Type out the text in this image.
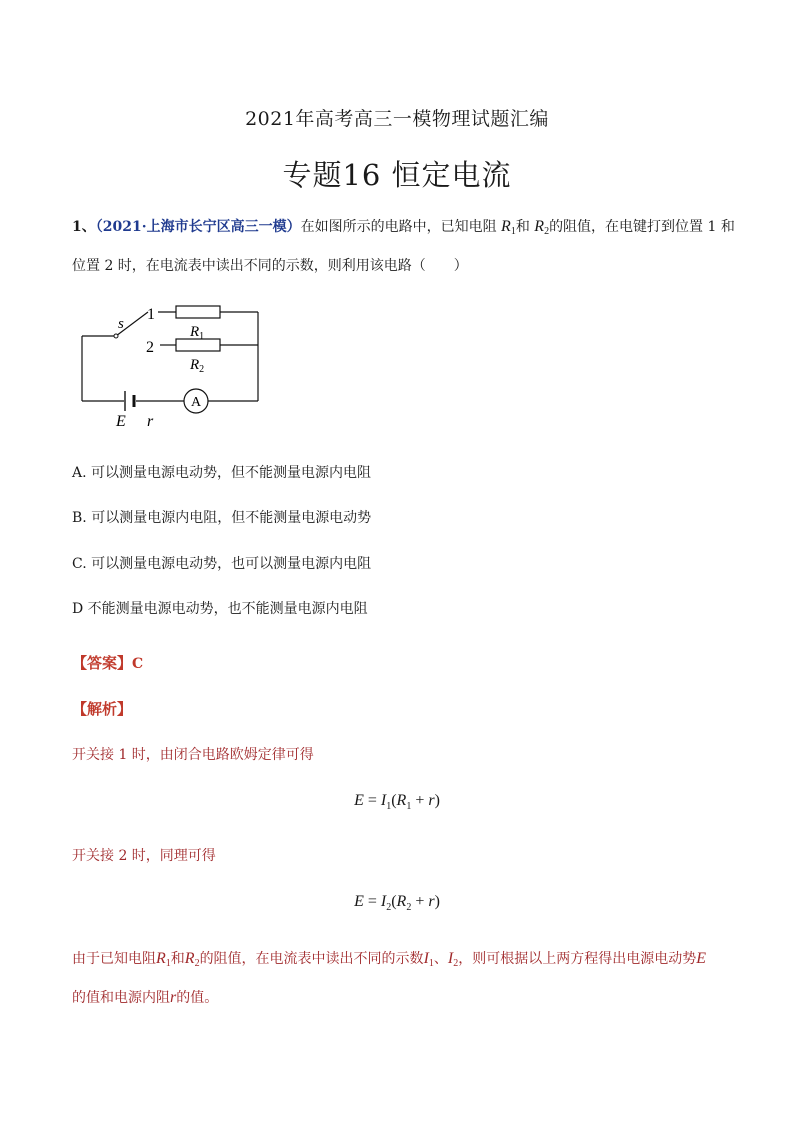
2021年高考高三一模物理试题汇编
专题16 恒定电流
1、（2021·上海市长宁区高三一模）在如图所示的电路中，已知电阻 $R_1$和 $R_2$的阻值，在电键打到位置 1 和
位置 2 时，在电流表中读出不同的示数，则利用该电路（　　）
s
1
2
$R_1$
$R_2$
E r
A
A. 可以测量电源电动势，但不能测量电源内电阻
B. 可以测量电源内电阻，但不能测量电源电动势
C. 可以测量电源电动势，也可以测量电源内电阻
D 不能测量电源电动势，也不能测量电源内电阻
【答案】C
【解析】
开关接 1 时，由闭合电路欧姆定律可得
$E = I_1(R_1 + r)$
开关接 2 时，同理可得
$E = I_2(R_2 + r)$
由于已知电阻$R_1$和$R_2$的阻值，在电流表中读出不同的示数$I_1$、$I_2$，则可根据以上两方程得出电源电动势E
的值和电源内阻r的值。
